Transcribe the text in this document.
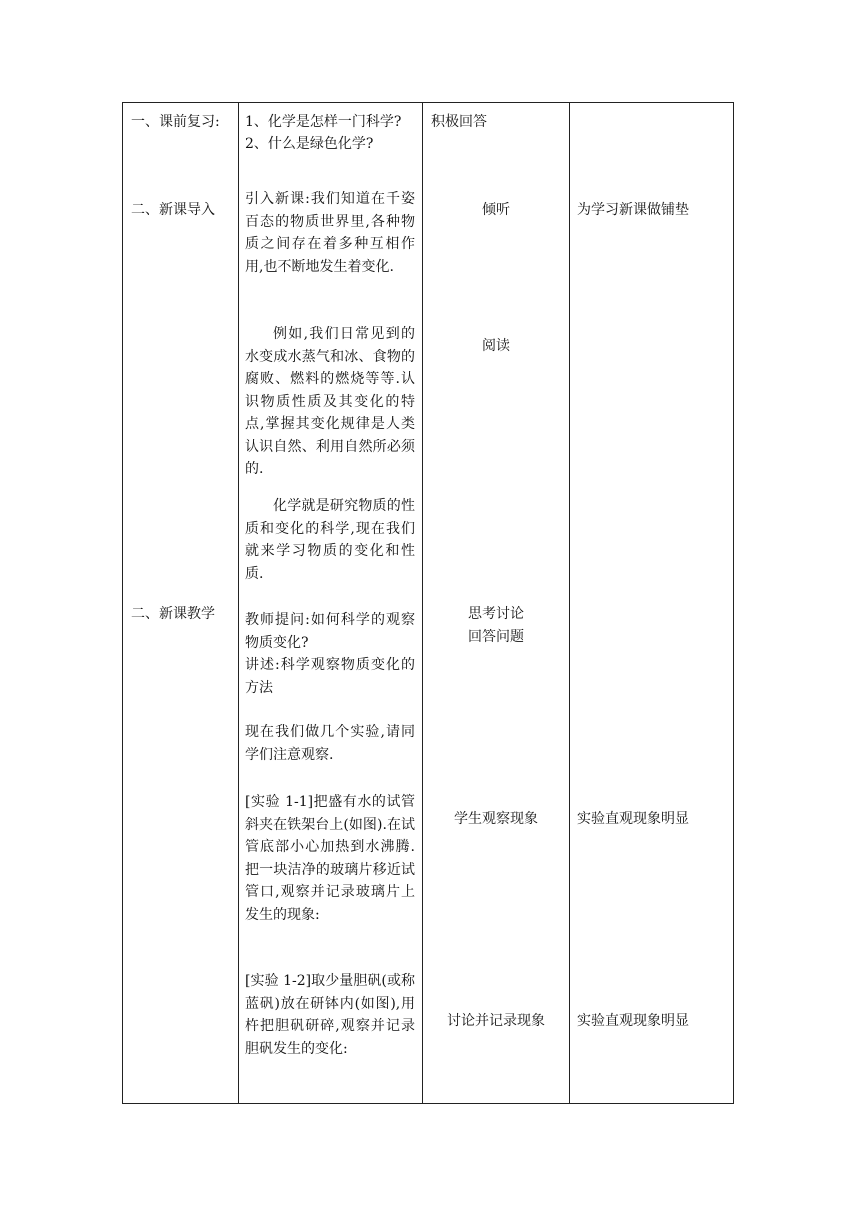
一、课前复习:

二、新课导入

二、新课教学

1、化学是怎样一门科学?

2、什么是绿色化学?

引入新课:我们知道在千姿百态的物质世界里,各种物质之间存在着多种互相作用,也不断地发生着变化.

例如,我们日常见到的水变成水蒸气和冰、食物的腐败、燃料的燃烧等等.认识物质性质及其变化的特点,掌握其变化规律是人类认识自然、利用自然所必须的.

化学就是研究物质的性质和变化的科学,现在我们就来学习物质的变化和性质.

教师提问:如何科学的观察物质变化?

讲述:科学观察物质变化的方法

现在我们做几个实验,请同学们注意观察.

[实验 1-1]把盛有水的试管斜夹在铁架台上(如图).在试管底部小心加热到水沸腾.把一块洁净的玻璃片移近试管口,观察并记录玻璃片上发生的现象:

[实验 1-2]取少量胆矾(或称蓝矾)放在研钵内(如图),用杵把胆矾研碎,观察并记录胆矾发生的变化:

积极回答

倾听

阅读

思考讨论

回答问题

学生观察现象

讨论并记录现象

为学习新课做铺垫

实验直观现象明显

实验直观现象明显
